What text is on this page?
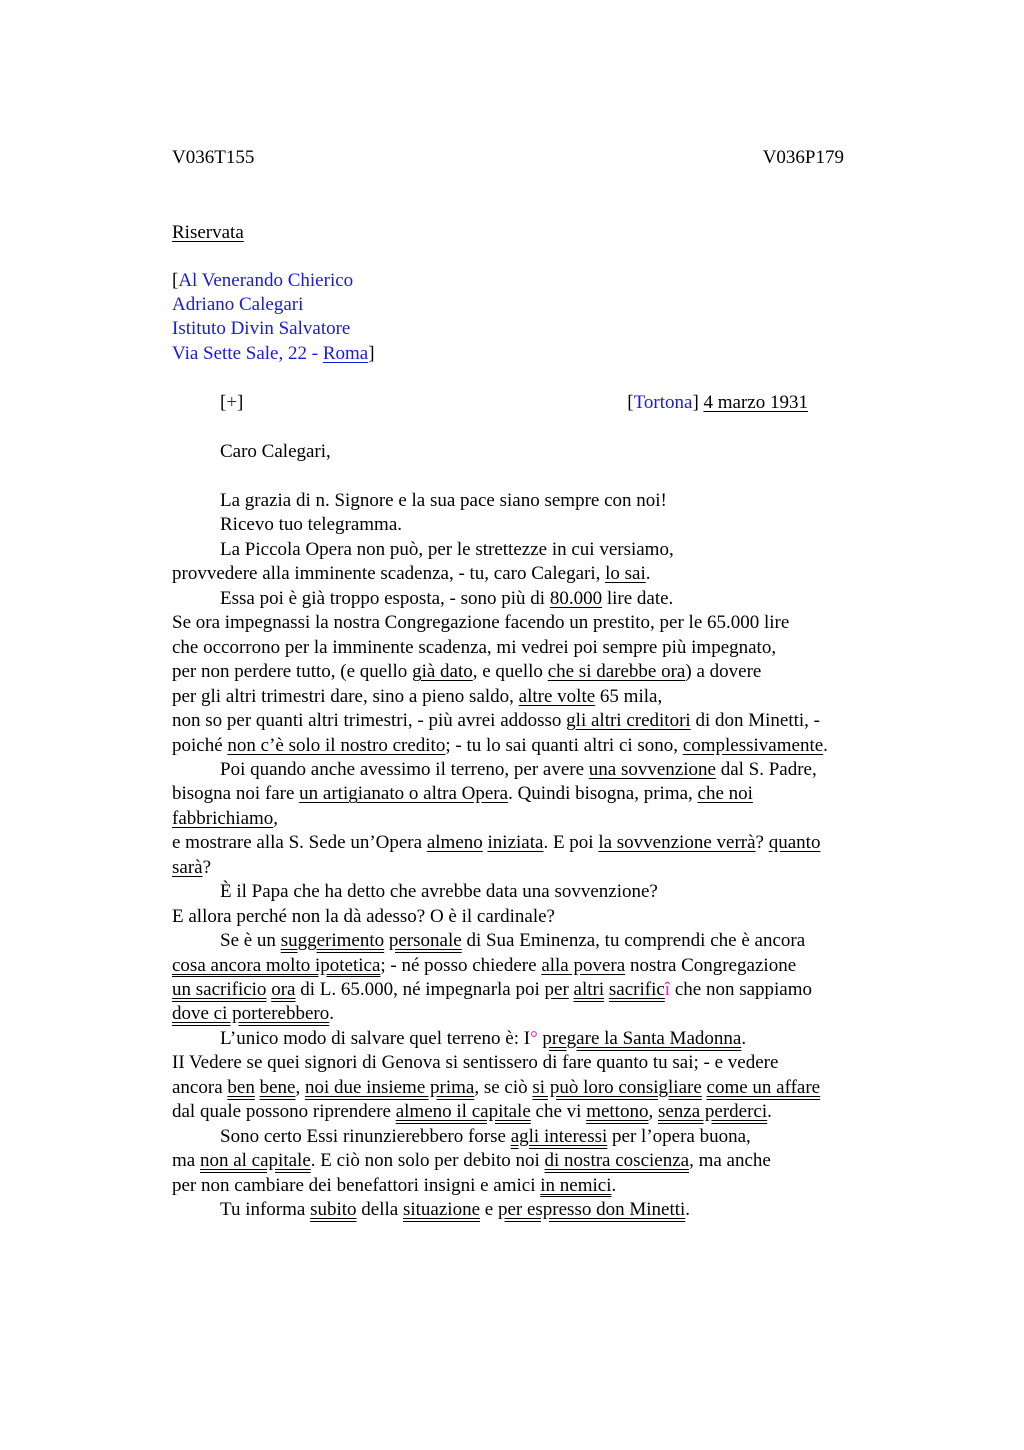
V036T155	V036P179
Riservata
[Al Venerando Chierico
Adriano Calegari
Istituto Divin Salvatore
Via Sette Sale, 22 - Roma]
[+]	[Tortona] 4 marzo 1931
Caro Calegari,
La grazia di n. Signore e la sua pace siano sempre con noi!
Ricevo tuo telegramma.
La Piccola Opera non può, per le strettezze in cui versiamo,
provvedere alla imminente scadenza, - tu, caro Calegari, lo sai.
Essa poi è già troppo esposta, - sono più di 80.000 lire date.
Se ora impegnassi la nostra Congregazione facendo un prestito, per le 65.000 lire
che occorrono per la imminente scadenza, mi vedrei poi sempre più impegnato,
per non perdere tutto, (e quello già dato, e quello che si darebbe ora) a dovere
per gli altri trimestri dare, sino a pieno saldo, altre volte 65 mila,
non so per quanti altri trimestri, - più avrei addosso gli altri creditori di don Minetti, -
poiché non c’è solo il nostro credito; - tu lo sai quanti altri ci sono, complessivamente.
Poi quando anche avessimo il terreno, per avere una sovvenzione dal S. Padre,
bisogna noi fare un artigianato o altra Opera. Quindi bisogna, prima, che noi
fabbrichiamo,
e mostrare alla S. Sede un’Opera almeno iniziata. E poi la sovvenzione verrà? quanto
sarà?
È il Papa che ha detto che avrebbe data una sovvenzione?
E allora perché non la dà adesso? O è il cardinale?
Se è un suggerimento personale di Sua Eminenza, tu comprendi che è ancora
cosa ancora molto ipotetica; - né posso chiedere alla povera nostra Congregazione
un sacrificio ora di L. 65.000, né impegnarla poi per altri sacrificî che non sappiamo
dove ci porterebbero.
L’unico modo di salvare quel terreno è: I° pregare la Santa Madonna.
II Vedere se quei signori di Genova si sentissero di fare quanto tu sai; - e vedere
ancora ben bene, noi due insieme prima, se ciò si può loro consigliare come un affare
dal quale possono riprendere almeno il capitale che vi mettono, senza perderci.
Sono certo Essi rinunzierebbero forse agli interessi per l’opera buona,
ma non al capitale. E ciò non solo per debito noi di nostra coscienza, ma anche
per non cambiare dei benefattori insigni e amici in nemici.
Tu informa subito della situazione e per espresso don Minetti.
